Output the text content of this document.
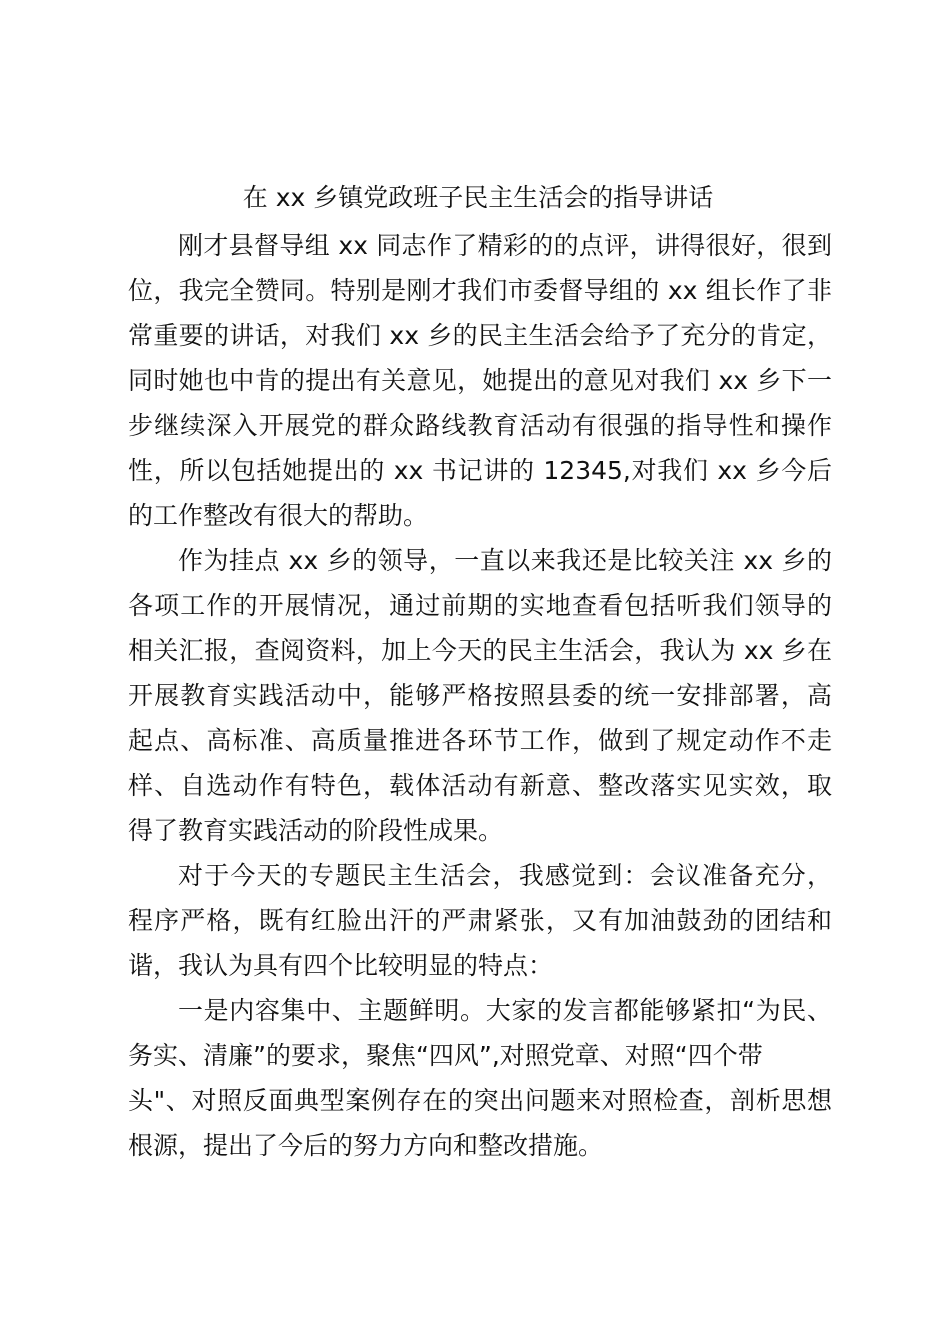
在 xx 乡镇党政班子民主生活会的指导讲话

刚才县督导组 xx 同志作了精彩的的点评，讲得很好，很到

位，我完全赞同。特别是刚才我们市委督导组的 xx 组长作了非

常重要的讲话，对我们 xx 乡的民主生活会给予了充分的肯定，

同时她也中肯的提出有关意见，她提出的意见对我们 xx 乡下一

步继续深入开展党的群众路线教育活动有很强的指导性和操作

性，所以包括她提出的 xx 书记讲的 12345,对我们 xx 乡今后

的工作整改有很大的帮助。

作为挂点 xx 乡的领导，一直以来我还是比较关注 xx 乡的

各项工作的开展情况，通过前期的实地查看包括听我们领导的

相关汇报，查阅资料，加上今天的民主生活会，我认为 xx 乡在

开展教育实践活动中，能够严格按照县委的统一安排部署，高

起点、高标准、高质量推进各环节工作，做到了规定动作不走

样、自选动作有特色，载体活动有新意、整改落实见实效，取

得了教育实践活动的阶段性成果。

对于今天的专题民主生活会，我感觉到：会议准备充分，

程序严格，既有红脸出汗的严肃紧张，又有加油鼓劲的团结和

谐，我认为具有四个比较明显的特点：

一是内容集中、主题鲜明。大家的发言都能够紧扣“为民、

务实、清廉”的要求，聚焦“四风”,对照党章、对照“四个带

头"、对照反面典型案例存在的突出问题来对照检查，剖析思想

根源，提出了今后的努力方向和整改措施。
